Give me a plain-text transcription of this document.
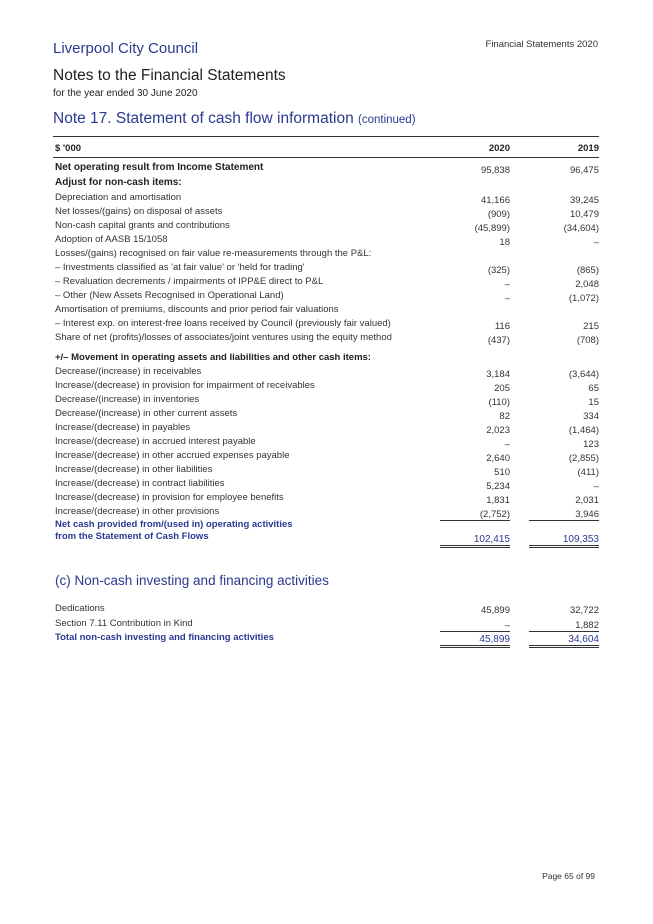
Liverpool City Council	Financial Statements 2020
Notes to the Financial Statements
for the year ended 30 June 2020
Note 17. Statement of cash flow information (continued)
$ '000	2020	2019
Net operating result from Income Statement	95,838	96,475
Adjust for non-cash items:
Depreciation and amortisation	41,166	39,245
Net losses/(gains) on disposal of assets	(909)	10,479
Non-cash capital grants and contributions	(45,899)	(34,604)
Adoption of AASB 15/1058	18	–
Losses/(gains) recognised on fair value re-measurements through the P&L:
– Investments classified as 'at fair value' or 'held for trading'	(325)	(865)
– Revaluation decrements / impairments of IPP&E direct to P&L	–	2,048
– Other (New Assets Recognised in Operational Land)	–	(1,072)
Amortisation of premiums, discounts and prior period fair valuations
– Interest exp. on interest-free loans received by Council (previously fair valued)	116	215
Share of net (profits)/losses of associates/joint ventures using the equity method	(437)	(708)
+/– Movement in operating assets and liabilities and other cash items:
Decrease/(increase) in receivables	3,184	(3,644)
Increase/(decrease) in provision for impairment of receivables	205	65
Decrease/(increase) in inventories	(110)	15
Decrease/(increase) in other current assets	82	334
Increase/(decrease) in payables	2,023	(1,464)
Increase/(decrease) in accrued interest payable	–	123
Increase/(decrease) in other accrued expenses payable	2,640	(2,855)
Increase/(decrease) in other liabilities	510	(411)
Increase/(decrease) in contract liabilities	5,234	–
Increase/(decrease) in provision for employee benefits	1,831	2,031
Increase/(decrease) in other provisions	(2,752)	3,946
Net cash provided from/(used in) operating activities
from the Statement of Cash Flows	102,415	109,353
(c) Non-cash investing and financing activities
Dedications	45,899	32,722
Section 7.11 Contribution in Kind	–	1,882
Total non-cash investing and financing activities	45,899	34,604
Page 65 of 99
